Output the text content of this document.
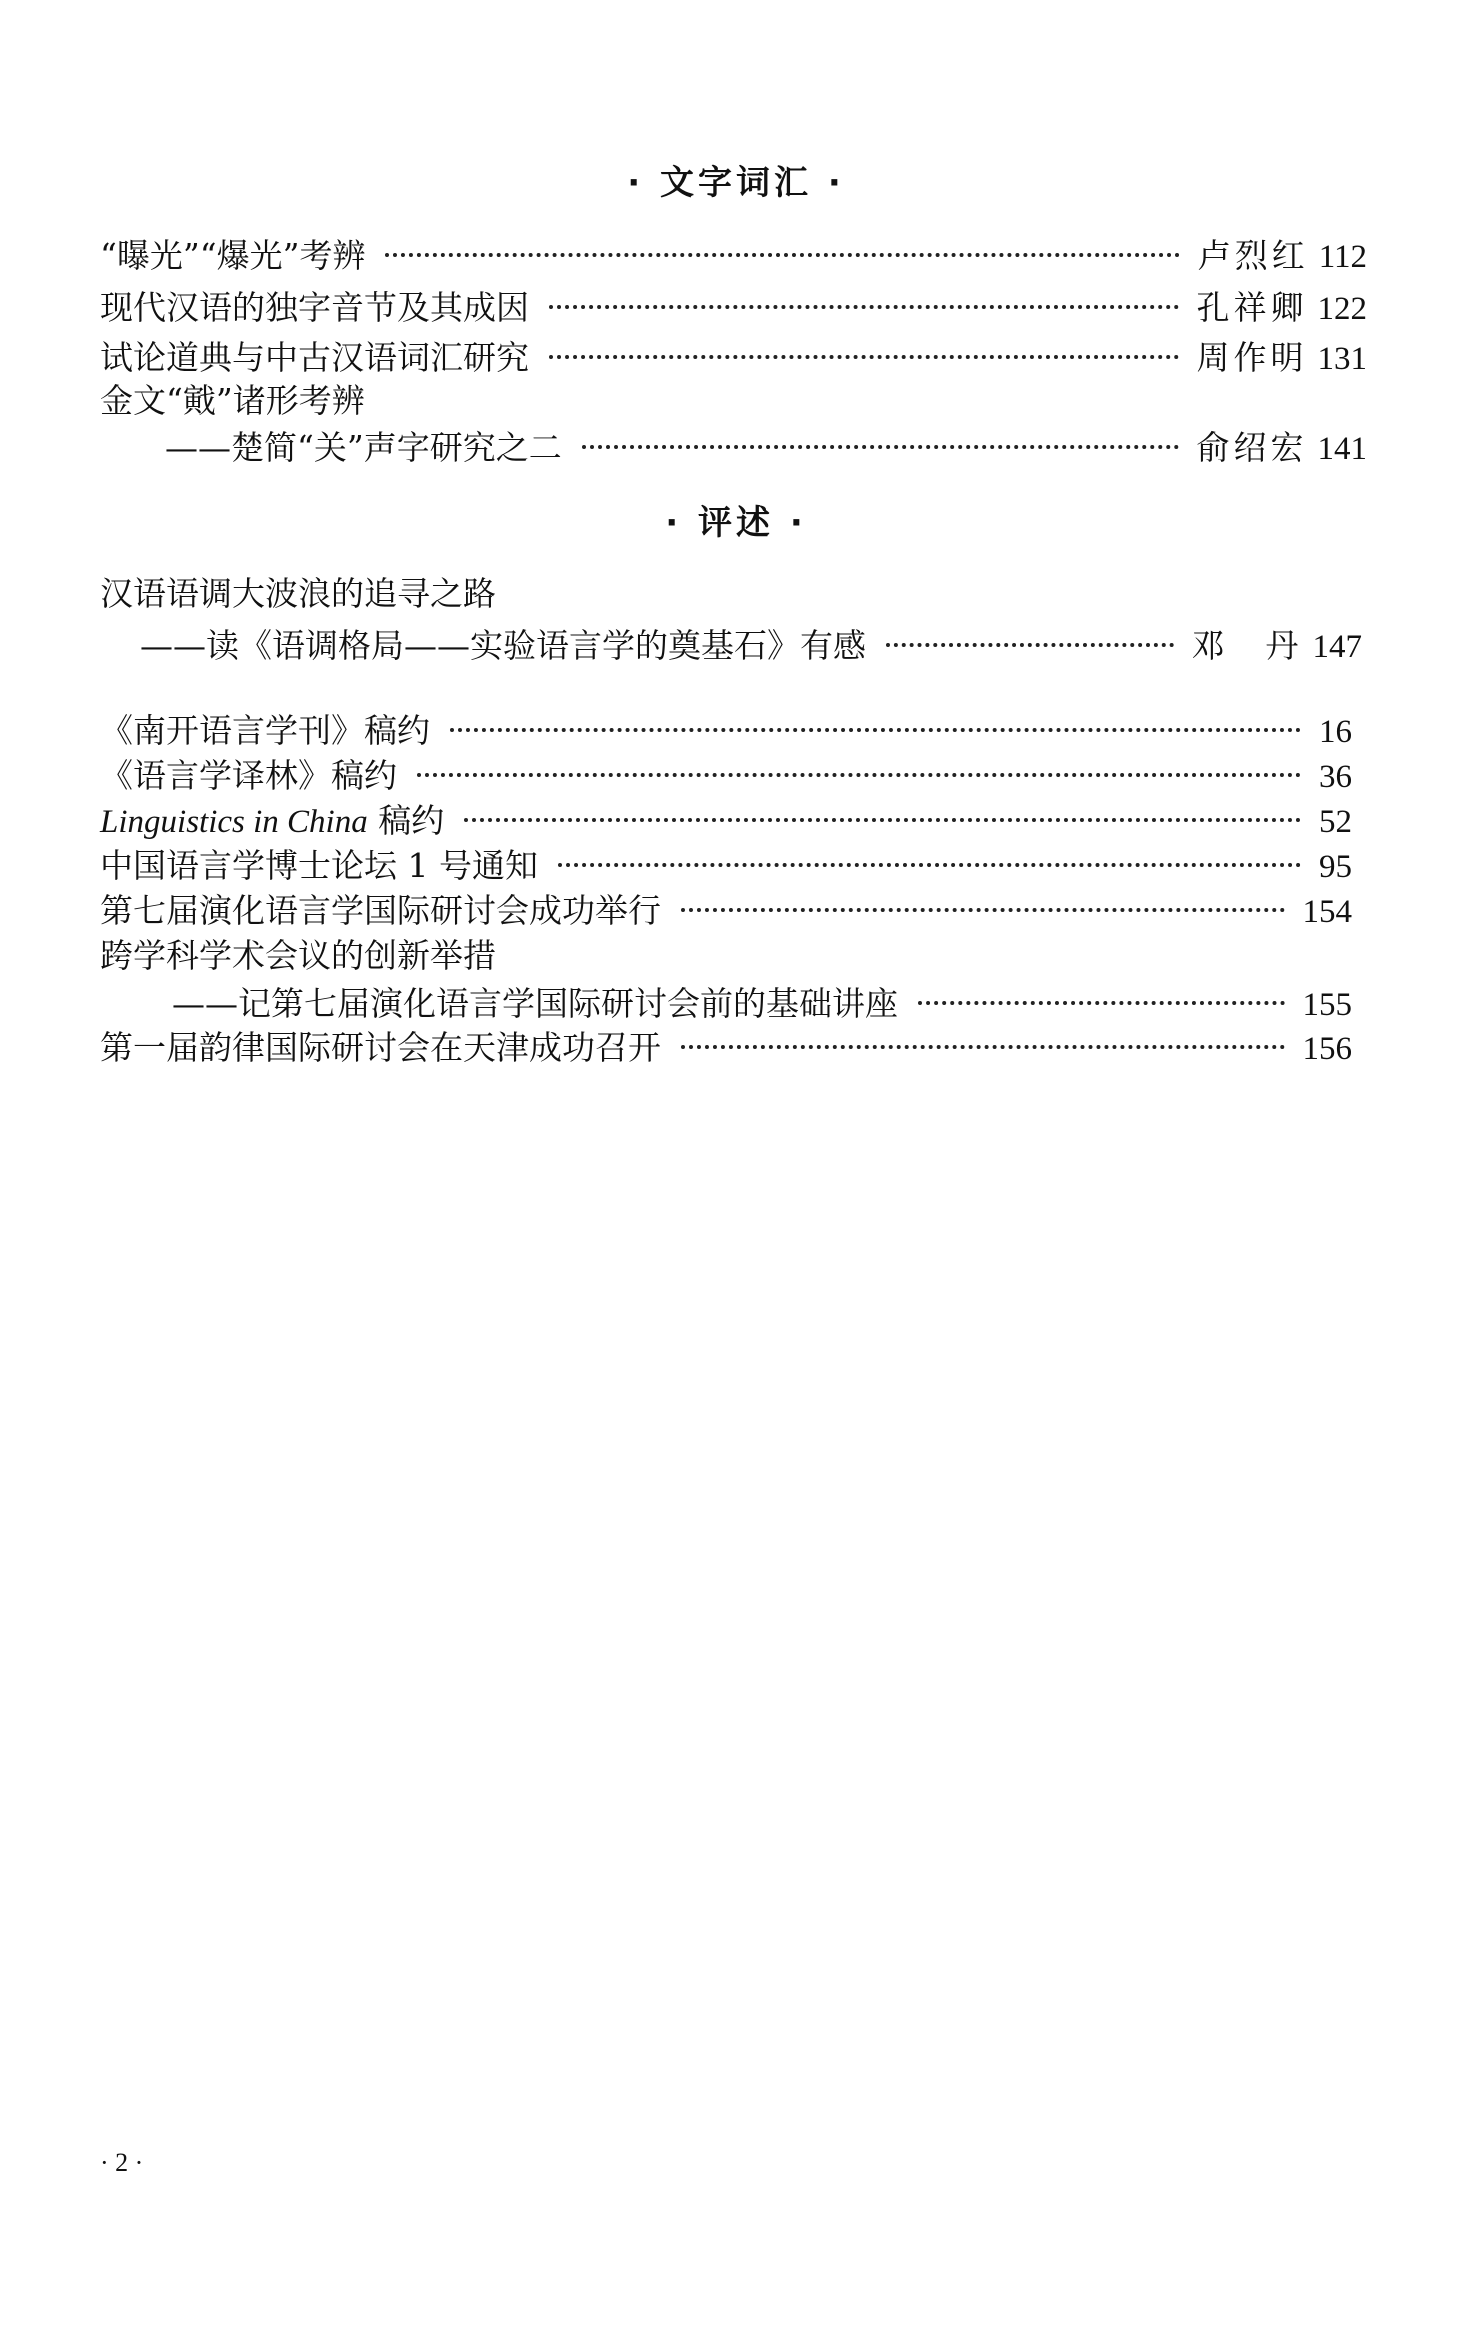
· 文字词汇 ·
“曝光”“爆光”考辨	卢烈红 112
现代汉语的独字音节及其成因	孔祥卿 122
试论道典与中古汉语词汇研究	周作明 131
金文“戭”诸形考辨
——楚简“关”声字研究之二	俞绍宏 141
· 评述 ·
汉语语调大波浪的追寻之路
——读《语调格局——实验语言学的奠基石》有感	邓　丹 147
《南开语言学刊》稿约	16
《语言学译林》稿约	36
Linguistics in China 稿约	52
中国语言学博士论坛 1 号通知	95
第七届演化语言学国际研讨会成功举行	154
跨学科学术会议的创新举措
——记第七届演化语言学国际研讨会前的基础讲座	155
第一届韵律国际研讨会在天津成功召开	156
· 2 ·
